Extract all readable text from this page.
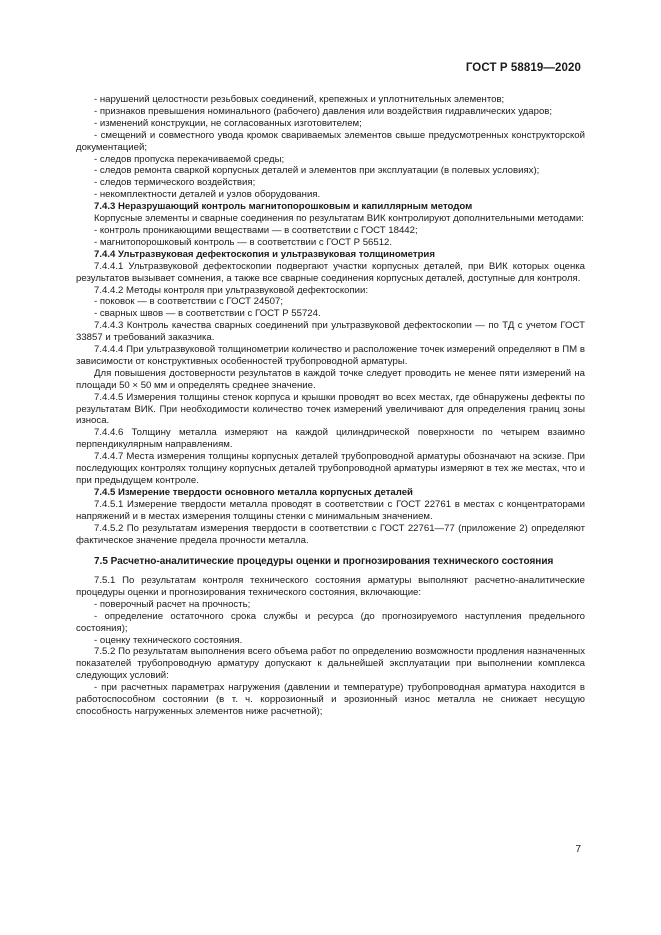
ГОСТ Р 58819—2020

- нарушений целостности резьбовых соединений, крепежных и уплотнительных элементов;

- признаков превышения номинального (рабочего) давления или воздействия гидравлических ударов;

- изменений конструкции, не согласованных изготовителем;

- смещений и совместного увода кромок свариваемых элементов свыше предусмотренных конструкторской документацией;

- следов пропуска перекачиваемой среды;

- следов ремонта сваркой корпусных деталей и элементов при эксплуатации (в полевых условиях);

- следов термического воздействия;

- некомплектности деталей и узлов оборудования.

7.4.3 Неразрушающий контроль магнитопорошковым и капиллярным методом

Корпусные элементы и сварные соединения по результатам ВИК контролируют дополнительными методами:

- контроль проникающими веществами — в соответствии с ГОСТ 18442;

- магнитопорошковый контроль — в соответствии с ГОСТ Р 56512.

7.4.4 Ультразвуковая дефектоскопия и ультразвуковая толщинометрия

7.4.4.1 Ультразвуковой дефектоскопии подвергают участки корпусных деталей, при ВИК которых оценка результатов вызывает сомнения, а также все сварные соединения корпусных деталей, доступные для контроля.

7.4.4.2 Методы контроля при ультразвуковой дефектоскопии:

- поковок — в соответствии с ГОСТ 24507;

- сварных швов — в соответствии с ГОСТ Р 55724.

7.4.4.3 Контроль качества сварных соединений при ультразвуковой дефектоскопии — по ТД с учетом ГОСТ 33857 и требований заказчика.

7.4.4.4 При ультразвуковой толщинометрии количество и расположение точек измерений определяют в ПМ в зависимости от конструктивных особенностей трубопроводной арматуры.

Для повышения достоверности результатов в каждой точке следует проводить не менее пяти измерений на площади 50 × 50 мм и определять среднее значение.

7.4.4.5 Измерения толщины стенок корпуса и крышки проводят во всех местах, где обнаружены дефекты по результатам ВИК. При необходимости количество точек измерений увеличивают для определения границ зоны износа.

7.4.4.6 Толщину металла измеряют на каждой цилиндрической поверхности по четырем взаимно перпендикулярным направлениям.

7.4.4.7 Места измерения толщины корпусных деталей трубопроводной арматуры обозначают на эскизе. При последующих контролях толщину корпусных деталей трубопроводной арматуры измеряют в тех же местах, что и при предыдущем контроле.

7.4.5 Измерение твердости основного металла корпусных деталей

7.4.5.1 Измерение твердости металла проводят в соответствии с ГОСТ 22761 в местах с концентраторами напряжений и в местах измерения толщины стенки с минимальным значением.

7.4.5.2 По результатам измерения твердости в соответствии с ГОСТ 22761—77 (приложение 2) определяют фактическое значение предела прочности металла.

7.5 Расчетно-аналитические процедуры оценки и прогнозирования технического состояния

7.5.1 По результатам контроля технического состояния арматуры выполняют расчетно-аналитические процедуры оценки и прогнозирования технического состояния, включающие:

- поверочный расчет на прочность;

- определение остаточного срока службы и ресурса (до прогнозируемого наступления предельного состояния);

- оценку технического состояния.

7.5.2 По результатам выполнения всего объема работ по определению возможности продления назначенных показателей трубопроводную арматуру допускают к дальнейшей эксплуатации при выполнении комплекса следующих условий:

- при расчетных параметрах нагружения (давлении и температуре) трубопроводная арматура находится в работоспособном состоянии (в т. ч. коррозионный и эрозионный износ металла не снижает несущую способность нагруженных элементов ниже расчетной);

7
